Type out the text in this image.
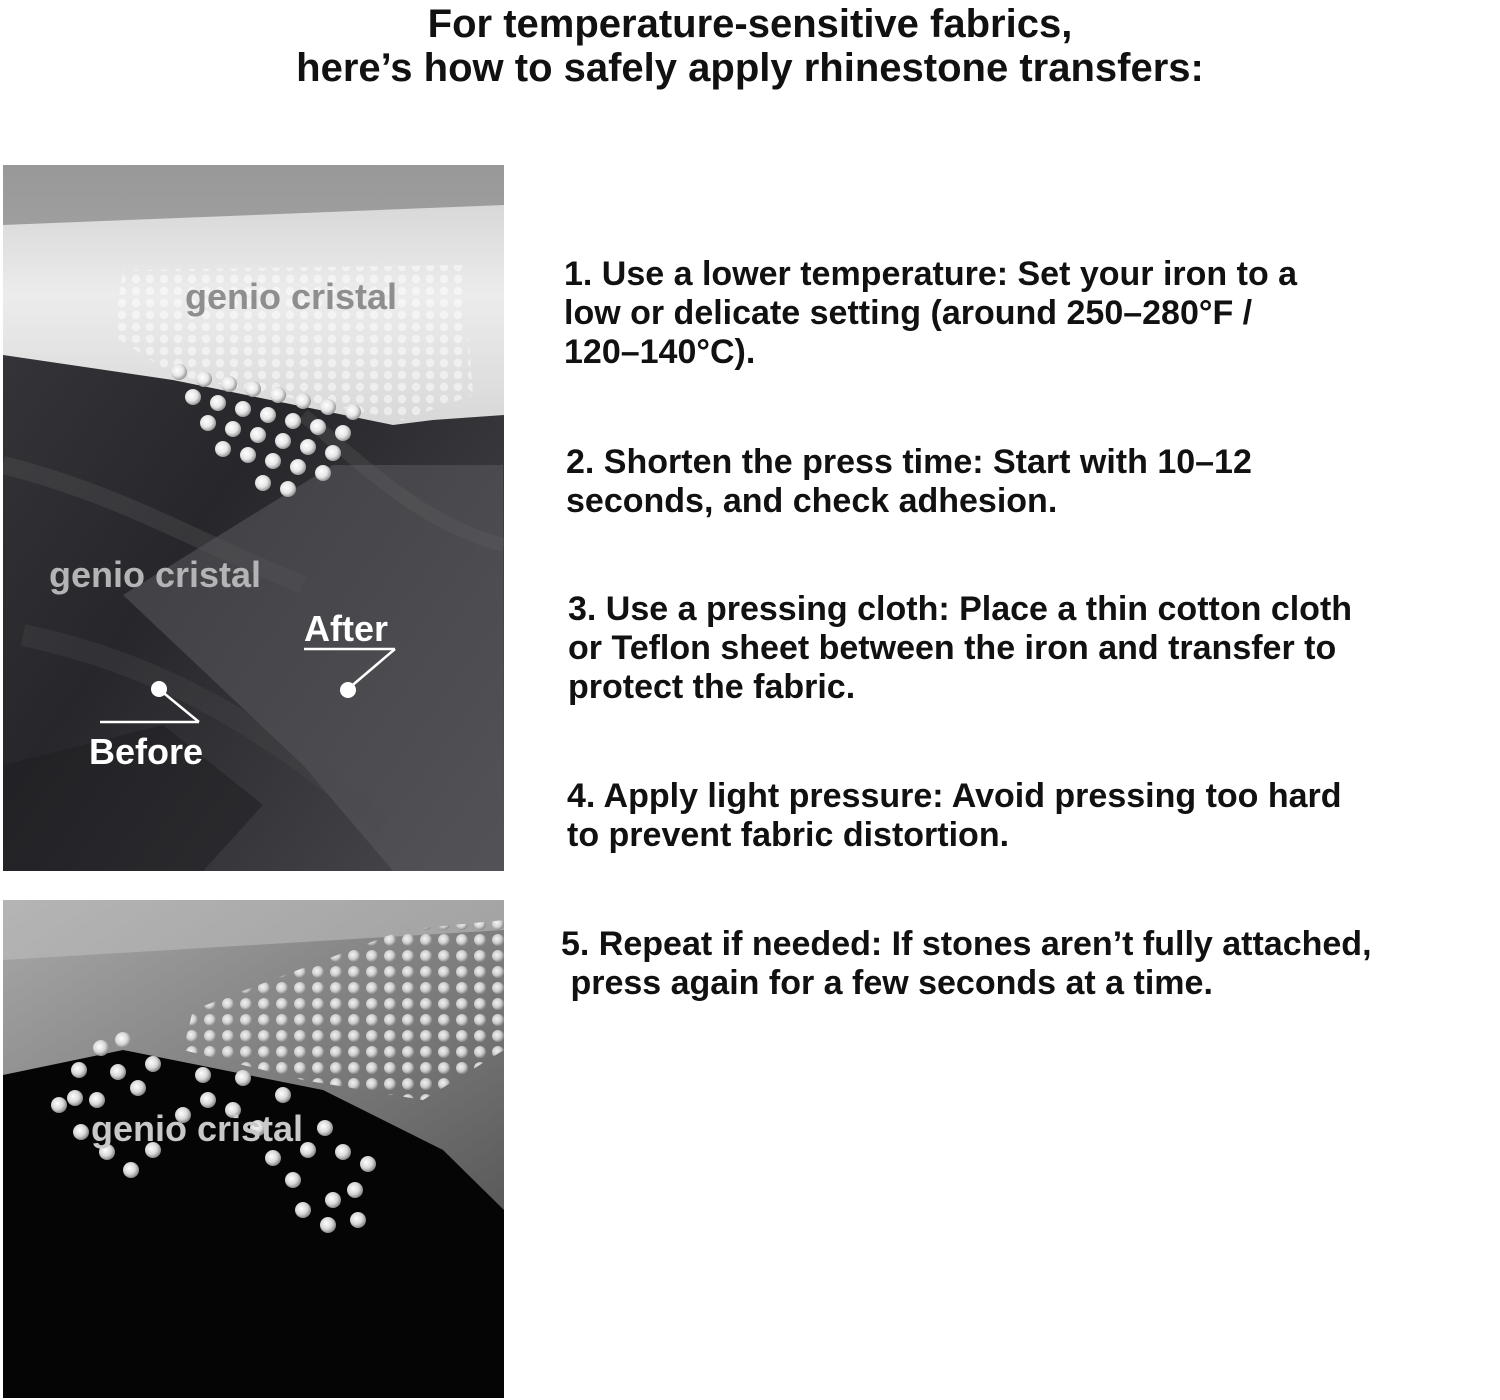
For temperature-sensitive fabrics,
here’s how to safely apply rhinestone transfers:
genio cristal
genio cristal
After
Before
genio cristal
1. Use a lower temperature: Set your iron to a
low or delicate setting (around 250–280°F /
120–140°C).
2. Shorten the press time: Start with 10–12
seconds, and check adhesion.
3. Use a pressing cloth: Place a thin cotton cloth
or Teflon sheet between the iron and transfer to
protect the fabric.
4. Apply light pressure: Avoid pressing too hard
to prevent fabric distortion.
5. Repeat if needed: If stones aren’t fully attached,
press again for a few seconds at a time.
